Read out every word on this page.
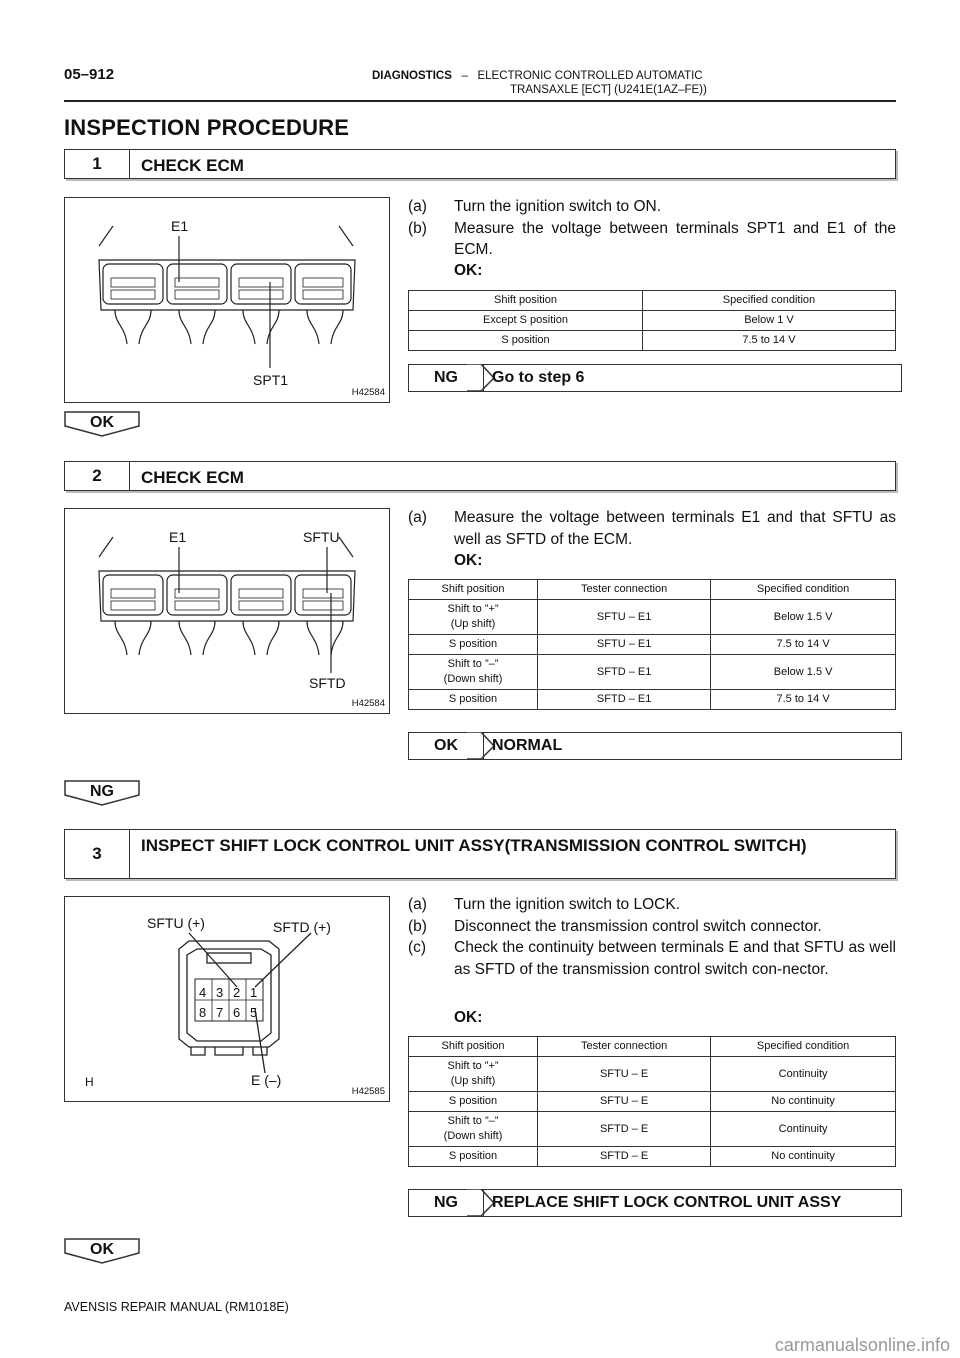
05–912	DIAGNOSTICS – ELECTRONIC CONTROLLED AUTOMATIC
TRANSAXLE [ECT] (U241E(1AZ–FE))
INSPECTION PROCEDURE
1	CHECK ECM
E1
SPT1
H42584
(a) Turn the ignition switch to ON.
(b) Measure the voltage between terminals SPT1 and E1 of the ECM.
OK:
Shift position	Specified condition
Except S position	Below 1 V
S position	7.5 to 14 V
NG	Go to step 6
OK
2	CHECK ECM
E1	SFTU
SFTD
H42584
(a) Measure the voltage between terminals E1 and that SFTU as well as SFTD of the ECM.
OK:
Shift position	Tester connection	Specified condition
Shift to ”+”
(Up shift)	SFTU – E1	Below 1.5 V
S position	SFTU – E1	7.5 to 14 V
Shift to ”–”
(Down shift)	SFTD – E1	Below 1.5 V
S position	SFTD – E1	7.5 to 14 V
OK	NORMAL
NG
3	INSPECT SHIFT LOCK CONTROL UNIT ASSY(TRANSMISSION CONTROL SWITCH)
SFTU (+)	SFTD (+)
E (–)
H
4 3 2 1
8 7 6 5
H42585
(a) Turn the ignition switch to LOCK.
(b) Disconnect the transmission control switch connector.
(c) Check the continuity between terminals E and that SFTU as well as SFTD of the transmission control switch con-nector.
OK:
Shift position	Tester connection	Specified condition
Shift to ”+”
(Up shift)	SFTU – E	Continuity
S position	SFTU – E	No continuity
Shift to ”–”
(Down shift)	SFTD – E	Continuity
S position	SFTD – E	No continuity
NG	REPLACE SHIFT LOCK CONTROL UNIT ASSY
OK
AVENSIS REPAIR MANUAL (RM1018E)
carmanualsonline.info
